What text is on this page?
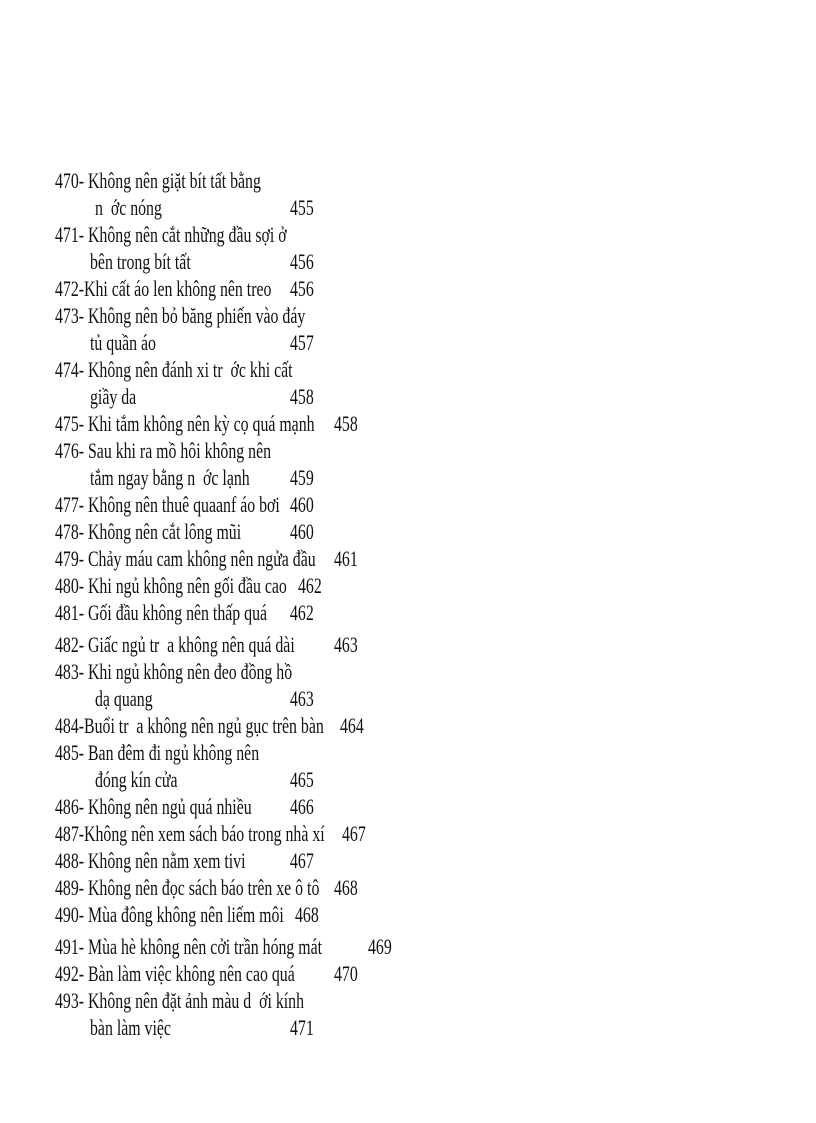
470- Không nên giặt bít tất bằng
n  ớc nóng	455
471- Không nên cắt những đầu sợi ở
bên trong bít tất	456
472-Khi cất áo len không nên treo 456
473- Không nên bỏ băng phiến vào đáy
tủ quần áo	457
474- Không nên đánh xi tr  ớc khi cất
giầy da	458
475- Khi tắm không nên kỳ cọ quá mạnh 458
476- Sau khi ra mồ hôi không nên
tắm ngay bằng n  ớc lạnh 459
477- Không nên thuê quaanf áo bơi 460
478- Không nên cắt lông mũi 460
479- Chảy máu cam không nên ngửa đầu 461
480- Khi ngủ không nên gối đầu cao 462
481- Gối đầu không nên thấp quá 462
482- Giấc ngủ tr  a không nên quá dài 463
483- Khi ngủ không nên đeo đồng hồ
dạ quang	463
484-Buổi tr  a không nên ngủ gục trên bàn 464
485- Ban đêm đi ngủ không nên
đóng kín cửa	465
486- Không nên ngủ quá nhiều 466
487-Không nên xem sách báo trong nhà xí 467
488- Không nên nằm xem tivi 467
489- Không nên đọc sách báo trên xe ô tô 468
490- Mùa đông không nên liếm môi 468
491- Mùa hè không nên cởi trần hóng mát 469
492- Bàn làm việc không nên cao quá 470
493- Không nên đặt ảnh màu d  ới kính
bàn làm việc	471
